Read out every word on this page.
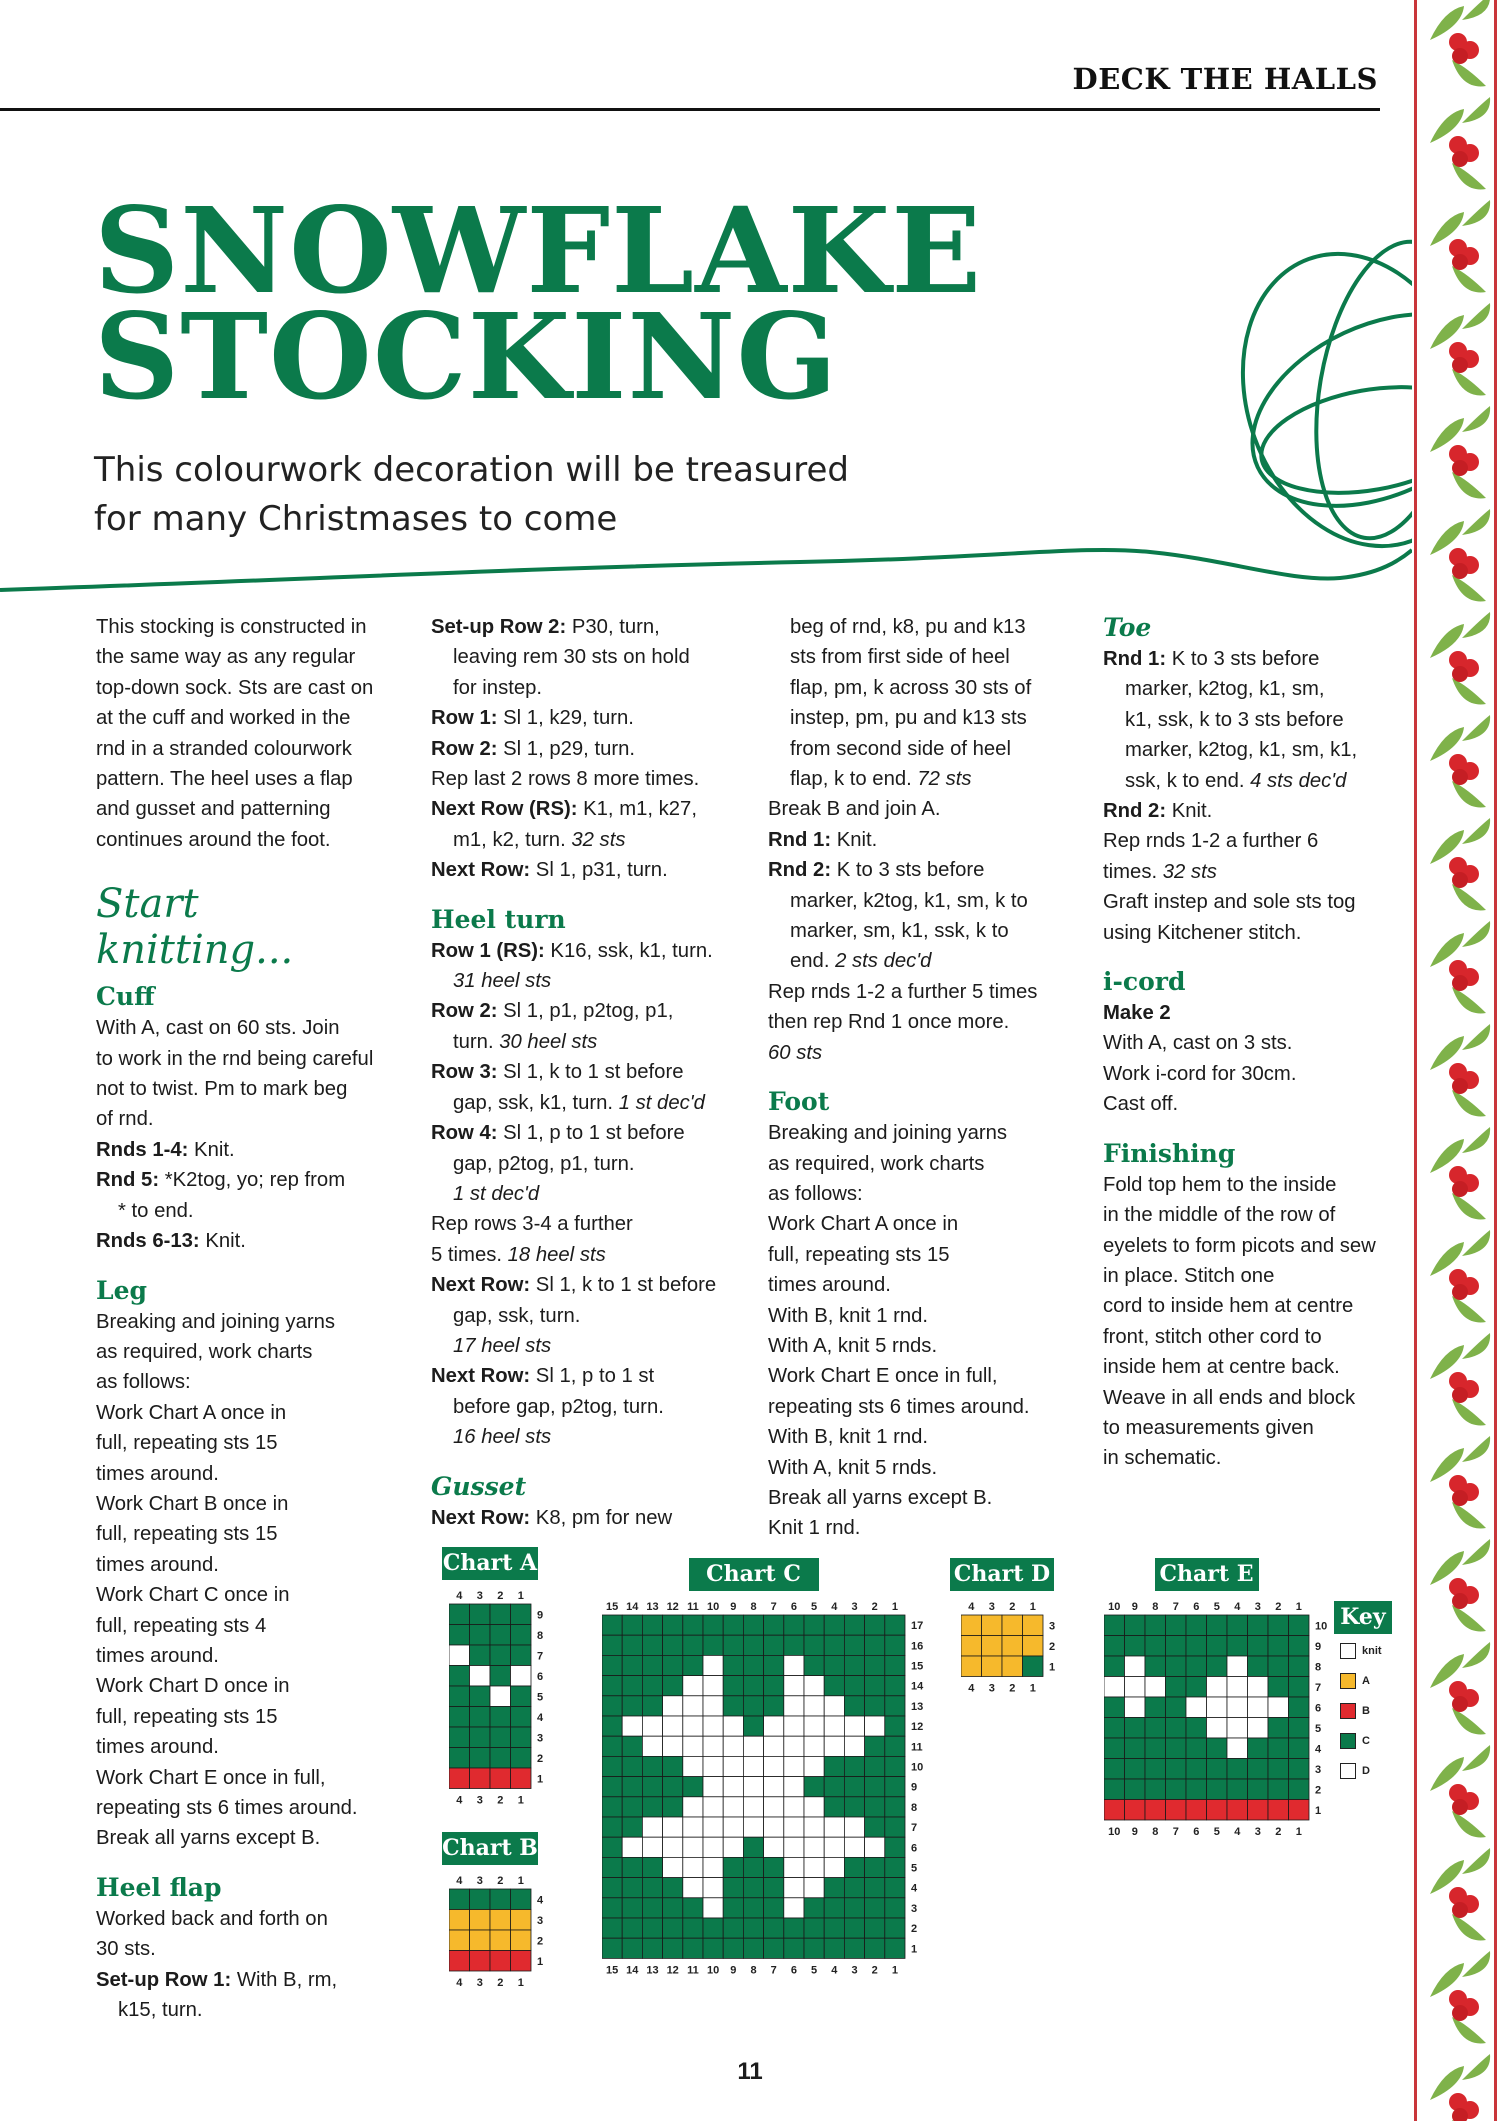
DECK THE HALLS
SNOWFLAKE
STOCKING
This colourwork decoration will be treasured for many Christmases to come

This stocking is constructed in

the same way as any regular

top-down sock. Sts are cast on

at the cuff and worked in the

rnd in a stranded colourwork

pattern. The heel uses a flap

and gusset and patterning

continues around the foot.

Start knitting...

Cuff

With A, cast on 60 sts. Join

to work in the rnd being careful

not to twist. Pm to mark beg

of rnd.

Rnds 1-4: Knit.

Rnd 5: *K2tog, yo; rep from

* to end.

Rnds 6-13: Knit.

Leg

Breaking and joining yarns

as required, work charts

as follows:

Work Chart A once in

full, repeating sts 15

times around.

Work Chart B once in

full, repeating sts 15

times around.

Work Chart C once in

full, repeating sts 4

times around.

Work Chart D once in

full, repeating sts 15

times around.

Work Chart E once in full,

repeating sts 6 times around.

Break all yarns except B.

Heel flap

Worked back and forth on

30 sts.

Set-up Row 1: With B, rm,

k15, turn.

Set-up Row 2: P30, turn,

leaving rem 30 sts on hold

for instep.

Row 1: Sl 1, k29, turn.

Row 2: Sl 1, p29, turn.

Rep last 2 rows 8 more times.

Next Row (RS): K1, m1, k27,

m1, k2, turn. 32 sts

Next Row: Sl 1, p31, turn.

Heel turn

Row 1 (RS): K16, ssk, k1, turn.

31 heel sts

Row 2: Sl 1, p1, p2tog, p1,

turn. 30 heel sts

Row 3: Sl 1, k to 1 st before

gap, ssk, k1, turn. 1 st dec'd

Row 4: Sl 1, p to 1 st before

gap, p2tog, p1, turn.

1 st dec'd

Rep rows 3-4 a further

5 times. 18 heel sts

Next Row: Sl 1, k to 1 st before

gap, ssk, turn.

17 heel sts

Next Row: Sl 1, p to 1 st

before gap, p2tog, turn.

16 heel sts

Gusset

Next Row: K8, pm for new

beg of rnd, k8, pu and k13

sts from first side of heel

flap, pm, k across 30 sts of

instep, pm, pu and k13 sts

from second side of heel

flap, k to end. 72 sts

Break B and join A.

Rnd 1: Knit.

Rnd 2: K to 3 sts before

marker, k2tog, k1, sm, k to

marker, sm, k1, ssk, k to

end. 2 sts dec'd

Rep rnds 1-2 a further 5 times

then rep Rnd 1 once more.

60 sts

Foot

Breaking and joining yarns

as required, work charts

as follows:

Work Chart A once in

full, repeating sts 15

times around.

With B, knit 1 rnd.

With A, knit 5 rnds.

Work Chart E once in full,

repeating sts 6 times around.

With B, knit 1 rnd.

With A, knit 5 rnds.

Break all yarns except B.

Knit 1 rnd.

Toe

Rnd 1: K to 3 sts before

marker, k2tog, k1, sm,

k1, ssk, k to 3 sts before

marker, k2tog, k1, sm, k1,

ssk, k to end. 4 sts dec'd

Rnd 2: Knit.

Rep rnds 1-2 a further 6

times. 32 sts

Graft instep and sole sts tog

using Kitchener stitch.

i-cord

Make 2

With A, cast on 3 sts.

Work i-cord for 30cm.

Cast off.

Finishing

Fold top hem to the inside

in the middle of the row of

eyelets to form picots and sew

in place. Stitch one

cord to inside hem at centre

front, stitch other cord to

inside hem at centre back.

Weave in all ends and block

to measurements given

in schematic.

Chart A
4
4
3
3
2
2
1
1
9
8
7
6
5
4
3
2
1
Chart B
4
4
3
3
2
2
1
1
4
3
2
1
Chart C
15
15
14
14
13
13
12
12
11
11
10
10
9
9
8
8
7
7
6
6
5
5
4
4
3
3
2
2
1
1
17
16
15
14
13
12
11
10
9
8
7
6
5
4
3
2
1
Chart D
4
4
3
3
2
2
1
1
3
2
1
Chart E
10
10
9
9
8
8
7
7
6
6
5
5
4
4
3
3
2
2
1
1
10
9
8
7
6
5
4
3
2
1
Key
knit
A
B
C
D
11
